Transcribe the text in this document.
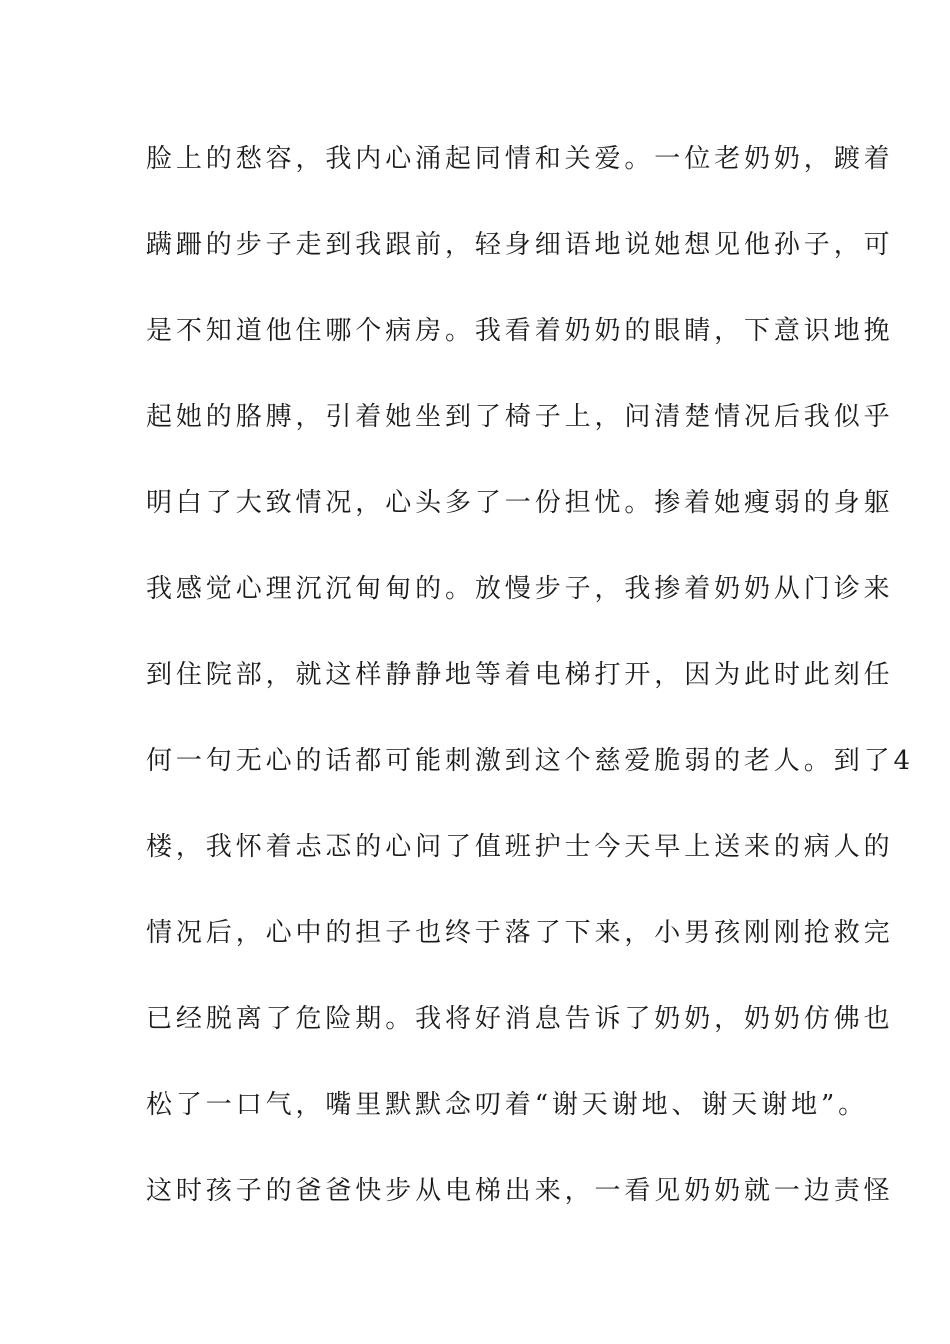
脸上的愁容，我内心涌起同情和关爱。一位老奶奶，踱着
蹒跚的步子走到我跟前，轻身细语地说她想见他孙子，可
是不知道他住哪个病房。我看着奶奶的眼睛，下意识地挽
起她的胳膊，引着她坐到了椅子上，问清楚情况后我似乎
明白了大致情况，心头多了一份担忧。掺着她瘦弱的身躯
我感觉心理沉沉甸甸的。放慢步子，我掺着奶奶从门诊来
到住院部，就这样静静地等着电梯打开，因为此时此刻任
何一句无心的话都可能刺激到这个慈爱脆弱的老人。到了4
楼，我怀着忐忑的心问了值班护士今天早上送来的病人的
情况后，心中的担子也终于落了下来，小男孩刚刚抢救完
已经脱离了危险期。我将好消息告诉了奶奶，奶奶仿佛也
松了一口气，嘴里默默念叨着“谢天谢地、谢天谢地”。
这时孩子的爸爸快步从电梯出来，一看见奶奶就一边责怪
